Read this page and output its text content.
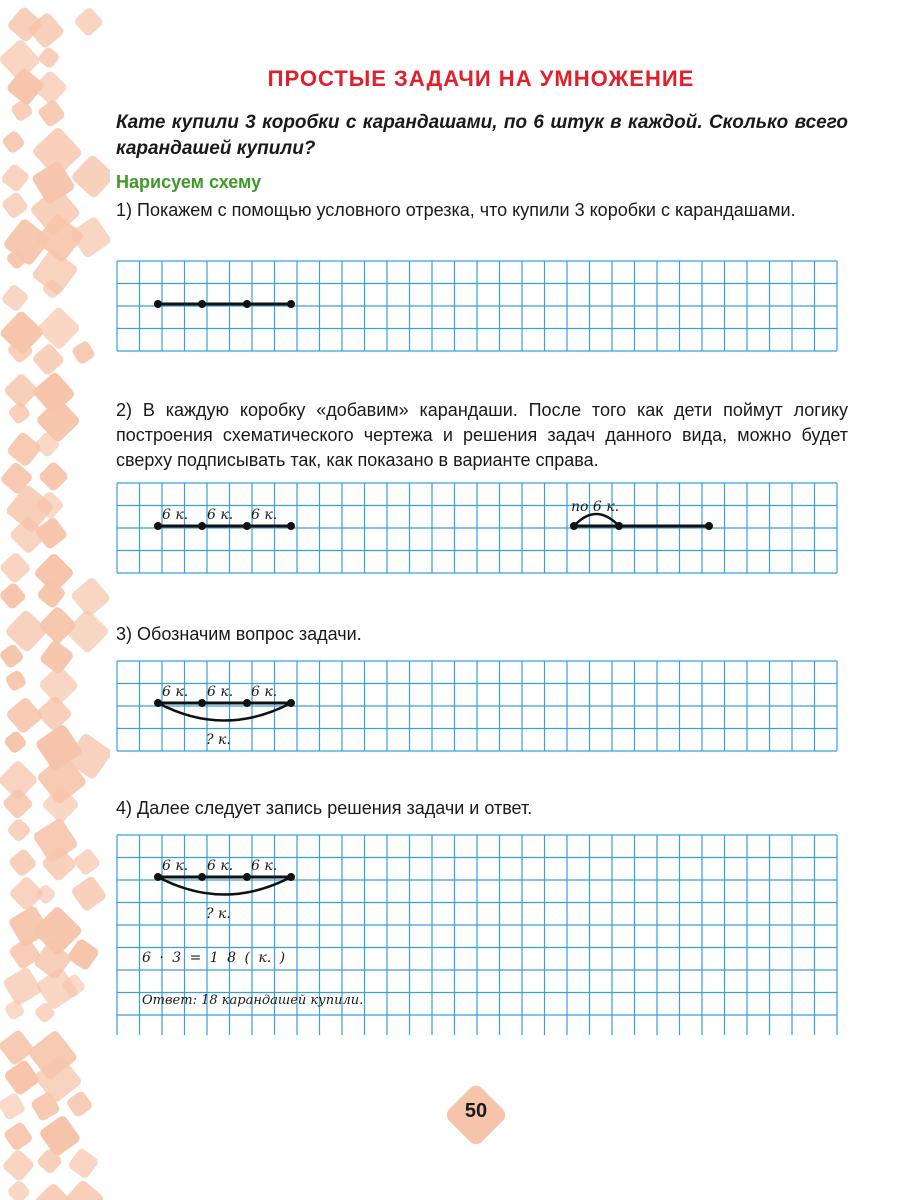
ПРОСТЫЕ ЗАДАЧИ НА УМНОЖЕНИЕ

Кате купили 3 коробки с карандашами, по 6 штук в каждой. Сколько всего карандашей купили?

Нарисуем схему

1) Покажем с помощью условного отрезка, что купили 3 коробки с карандашами.

2) В каждую коробку «добавим» карандаши. После того как дети поймут логику построения схематического чертежа и решения задач данного вида, можно будет сверху подписывать так, как показано в варианте справа.

6 к. 6 к. 6 к.	по 6 к.

3) Обозначим вопрос задачи.

6 к. 6 к. 6 к.
? к.

4) Далее следует запись решения задачи и ответ.

6 к. 6 к. 6 к.
? к.
6 · 3 = 1 8 ( к. )
Ответ: 18 карандашей купили.

50
